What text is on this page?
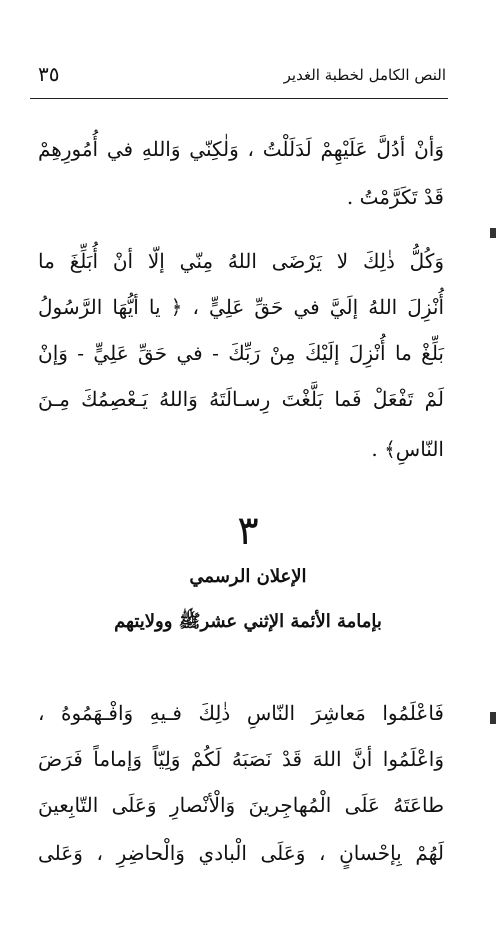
النص الكامل لخطبة الغدير
٣٥
وَأنْ أدُلَّ عَلَيْهِمْ لَدَلَلْتُ ، وَلٰكِنّي وَاللهِ في أُمُورِهِمْ
قَدْ تَكَرَّمْتُ .
وَكُلُّ ذٰلِكَ لا يَرْضَى اللهُ مِنّي إلّا أنْ أُبَلِّغَ ما
أُنْزِلَ اللهُ إلَيَّ في حَقِّ عَلِيٍّ ، ﴿ يا أيُّهَا الرَّسُولُ
بَلِّغْ ما أُنْزِلَ إلَيْكَ مِنْ رَبِّكَ - في حَقِّ عَلِيٍّ - وَإنْ
لَمْ تَفْعَلْ فَما بَلَّغْتَ رِسـالَتَهُ وَاللهُ يَـعْصِمُكَ مِـنَ
النّاسِ﴾ .
٣
الإعلان الرسمي
بإمامة الأئمة الإثني عشرﷺ وولايتهم
فَاعْلَمُوا مَعاشِرَ النّاسِ ذٰلِكَ فـيهِ وَافْـهَمُوهُ ،
وَاعْلَمُوا أنَّ اللهَ قَدْ نَصَبَهُ لَكُمْ وَلِيّاً وَإماماً فَرَضَ
طاعَتَهُ عَلَى الْمُهاجِرينَ وَالْأنْصارِ وَعَلَى التّابِعينَ
لَهُمْ بِإحْسانٍ ، وَعَلَى الْبادي وَالْحاضِرِ ، وَعَلى
